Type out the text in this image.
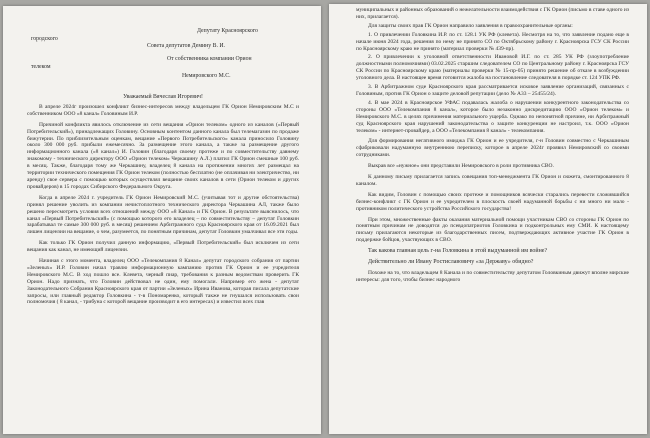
городского
Депутату Красноярского
Совета депутатов Демину В. И.
От собственника компании Орион
телеком
Немировского М.С.

Уважаемый Вячеслав Игоревич!

В апреле 2024г произошел конфликт бизнес-интересов между владельцем ГК Орион Немировским М.С и собственником ООО «8 канал» Головиным И.Р.

Причиной конфликта явилось отключение из сети вещания «Орион телеком» одного из каналов («Первый Потребительский»), принадлежащих Головину. Основным контентом данного канала был телемагазин по продаже бижутерии. По приблизительным оценкам, вещание «Первого Потребительского» канала приносило Головину около 300 000 руб. прибыли ежемесячно. За размещение этого канала, а также за размещение другого информационного канала («8 канал») И. Головин (благодаря своему протеже и по совместительству давнему знакомому - технического директору ООО «Орион телеком» Черкашину А.Л.) платил ГК Орион смешные 100 руб. в месяц. Также, благодаря тому же Черкашину, владелец 8 канала на протяжении многих лет размещал на территории технического помещения ГК Орион телеком (полностью бесплатно (не оплачивая ни электричество, ни аренду) свое сервера с помощью которых осуществлял вещание своих каналов в сети (Орион телеком и других провайдеров) в 15 городах Сибирского Федерального Округа.

Когда в апреле 2024 г. учредитель ГК Орион Немировский М.С. (учитывая тот и другие обстоятельства) принял решение уволить из компании нечистоплотного технического директора Черкашина АЛ, также было решено пересмотреть условия всех отношений между ООО «8 Канал» и ГК Орион. В результате выяснилось, что канал «Первый Потребительский» (с помощью которого его владелец – по совместительству – депутат Головкин зарабатывал те самые 300 000 руб. в месяц) решением Арбитражного суда Красноярского края от 16.09.2021 был лишен лицензии на вещание, о чем, разумеется, по понятным причинам, депутат Головкин умалчивал все эти годы.

Как только ГК Орион получил данную информацию, «Первый Потребительский» был исключен из сети вещания как канал, не имеющий лицензии.

Начиная с этого момента, владелец ООО «Телекомпания 8 Канал» депутат городского собрания от партии «Зеленых» И.Р. Головин начал травлю информационную кампанию против ГК Орион и ее учредителя Немировского М.С. В ход пошло все. Клевета, черный пиар, требования к разным ведомствам проверить ГК Орион. Надо признать, что Головин действовал не один, ему помогали. Например его жена - депутат Законодательного Собрания Красноярского края от партии «Зеленых» Ирина Иванова, которая писала депутатские запросы, или главный редактор Головкина - т-в Пономаренко, который также не гнушался использовать свои полномочия ( 8 канал, - трибуна с которой вещание производит в его интересах) и известил всех глав

муниципальных и районных образований о нежелательности взаимодействия с ГК Орион (письмо в ставе одного из них, прилагается).

Для защиты своих прав ГК Орион направило заявления в правоохранительные органы:

1. О привлечении Головкина И.Р. по ст. 128.1 УК РФ (клевета). Несмотря на то, что заявление подано еще в начале июня 2024 года, решения по нему не принято СО по Октябрьскому району г. Красноярска ГСУ СК России по Красноярскому краю не принято (материал проверки № 439-пр).

2. О привлечении к уголовной ответственности Ивановой И.Г. по ст. 285 УК РФ (злоупотребление должностными полномочиями) 03.02.2025 старшим следователем СО по Центральному району г. Красноярска ГСУ СК России по Красноярскому краю (материалы проверки № 15-пр-05) принято решение об отказе в возбуждении уголовного дела. В настоящее время готовится жалоба на постановление следователя в порядке ст. 124 УПК РФ.

3. В Арбитражном суде Красноярского края рассматривается исковое заявление организаций, связанных с Головиным, против ГК Орион о защите деловой репутации (дело № А33 – 25455/24).

4. В мае 2024 в Красноярское УФАС подавалась жалоба о нарушении конкурентного законодательства со стороны ООО «Телекомпания 8 канал», которое было незаконно дискредитацию ООО «Орион телеком» и Немировского М.С. в целях причинения материального ущерба. Однако по непонятной причине, ни Арбитражный суд Красноярского края нарушений законодательства о защите конкуренции не настроил, т.к. ООО «Орион телеком» - интернет-провайдер, а ООО «Телекомпания 8 канал» - телекомпания.

Для формирования негативного имиджа ГК Орион и ее учредителя, г-н Головин совместно с Черкашиным сфабриковали надуманную внутреннюю переписку, которое в апреле 2024г проявил Немировский со своими сотрудниками.

Выкрав все «нужное» они представили Немировского в роли противника СВО.

К данному письму прилагается запись совещания топ-менеджмента ГК Орион и сюжета, смонтированного 8 каналом.

Как видим, Головин с помощью своих протеже и помощников всячески старались перевести сложившийся бизнес-конфликт с ГК Орион и ее учредителем в плоскость своей надуманной борьбы с ни много ни мало - противником политического устройства Российского государства!

При этом, множественные факты оказания материальной помощи участникам СВО со стороны ГК Орион по понятным причинам не доводятся до псевдопатриотов Головкина и подконтрольных ему СМИ. К настоящему письму прилагаются некоторые из благодарственных писем, подтверждающих активное участие ГК Орион в поддержке бойцов, участвующих в СВО.

Так какова главная цель г-на Головкина в этой выдуманной им войне?

Действительно ли Ивану Ростиславовичу «за Державу» обидно?

Похоже на то, что владельцем 8 Канала и по совместительству депутатом Головкиным движут вполне мирские интересы: для того, чтобы бизнес народного
